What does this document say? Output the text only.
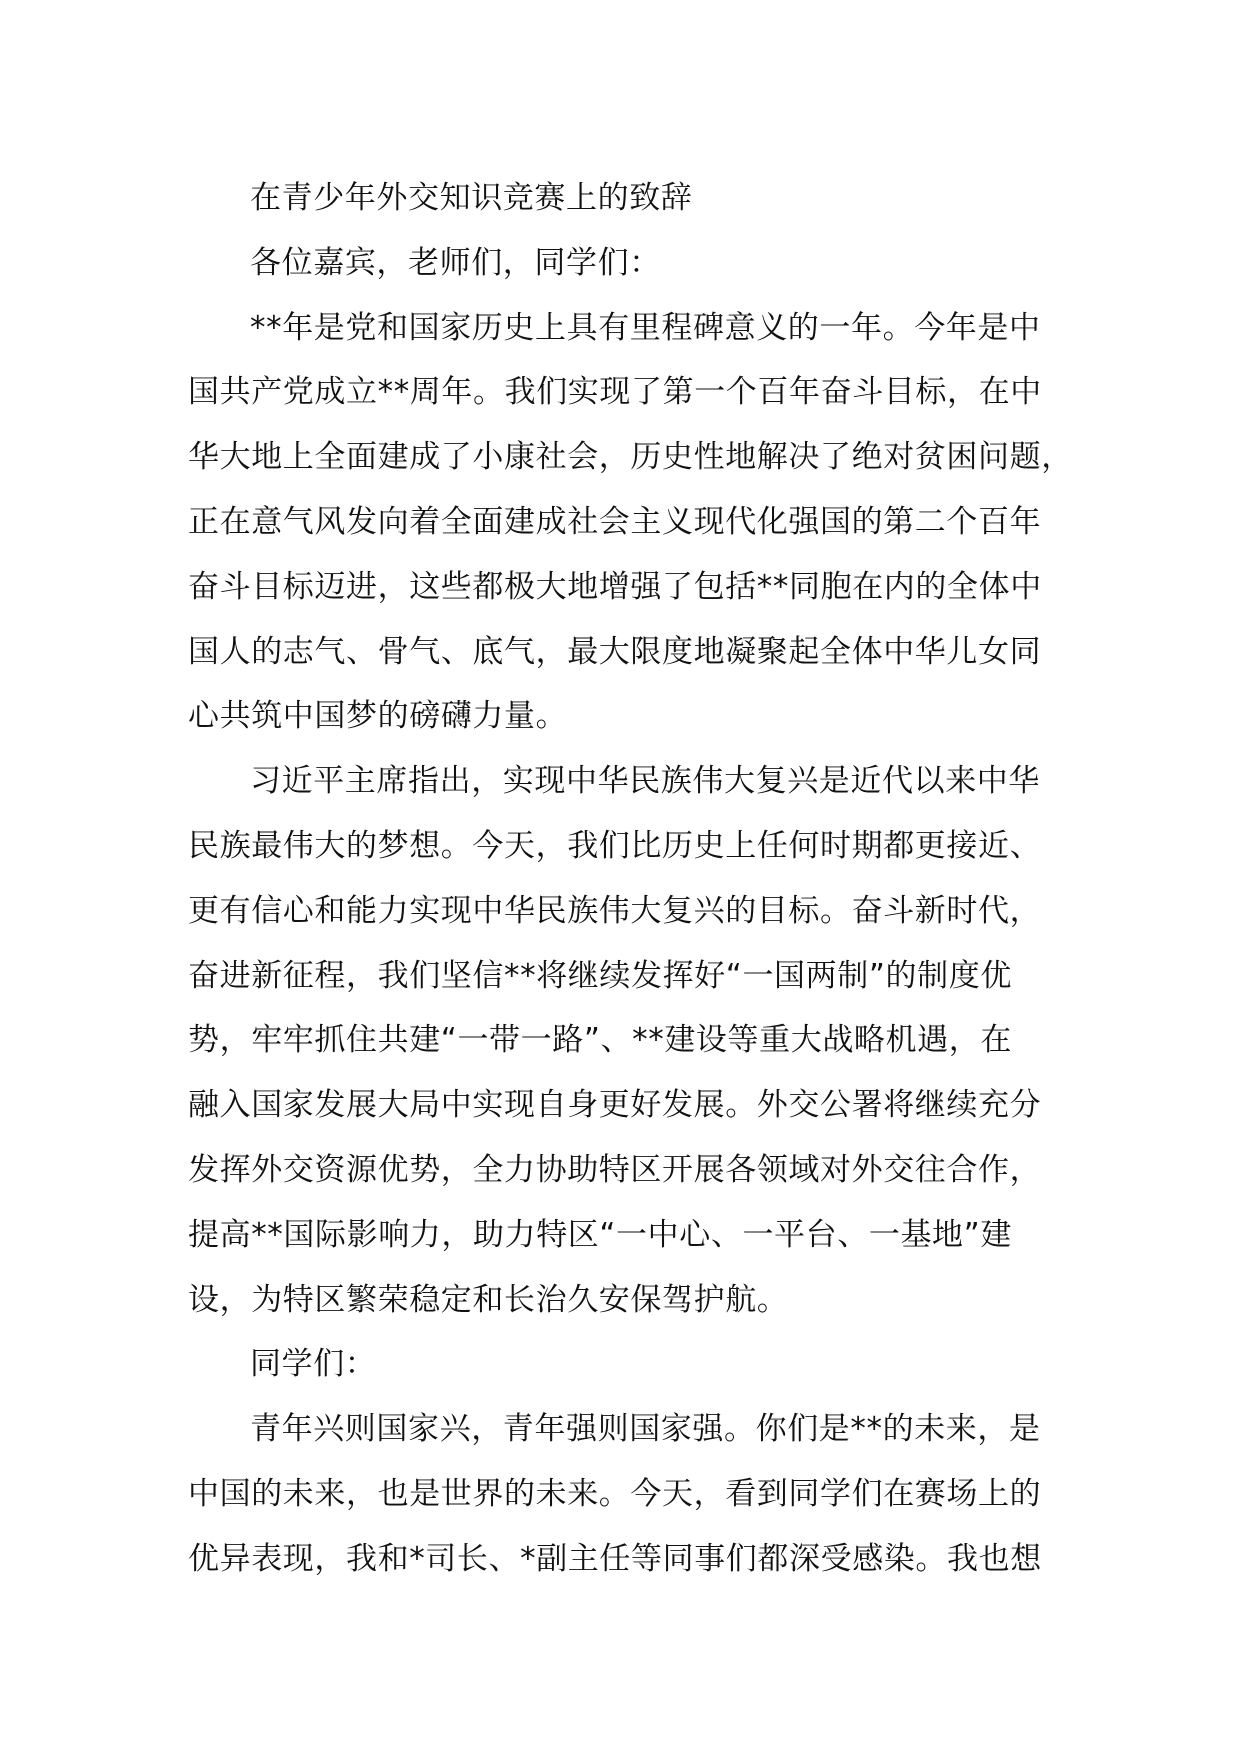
在青少年外交知识竞赛上的致辞

各位嘉宾，老师们，同学们：

**年是党和国家历史上具有里程碑意义的一年。今年是中
国共产党成立**周年。我们实现了第一个百年奋斗目标，在中
华大地上全面建成了小康社会，历史性地解决了绝对贫困问题，
正在意气风发向着全面建成社会主义现代化强国的第二个百年
奋斗目标迈进，这些都极大地增强了包括**同胞在内的全体中
国人的志气、骨气、底气，最大限度地凝聚起全体中华儿女同
心共筑中国梦的磅礴力量。

习近平主席指出，实现中华民族伟大复兴是近代以来中华
民族最伟大的梦想。今天，我们比历史上任何时期都更接近、
更有信心和能力实现中华民族伟大复兴的目标。奋斗新时代，
奋进新征程，我们坚信**将继续发挥好“一国两制”的制度优
势，牢牢抓住共建“一带一路”、**建设等重大战略机遇，在
融入国家发展大局中实现自身更好发展。外交公署将继续充分
发挥外交资源优势，全力协助特区开展各领域对外交往合作，
提高**国际影响力，助力特区“一中心、一平台、一基地”建
设，为特区繁荣稳定和长治久安保驾护航。

同学们：

青年兴则国家兴，青年强则国家强。你们是**的未来，是
中国的未来，也是世界的未来。今天，看到同学们在赛场上的
优异表现，我和*司长、*副主任等同事们都深受感染。我也想
